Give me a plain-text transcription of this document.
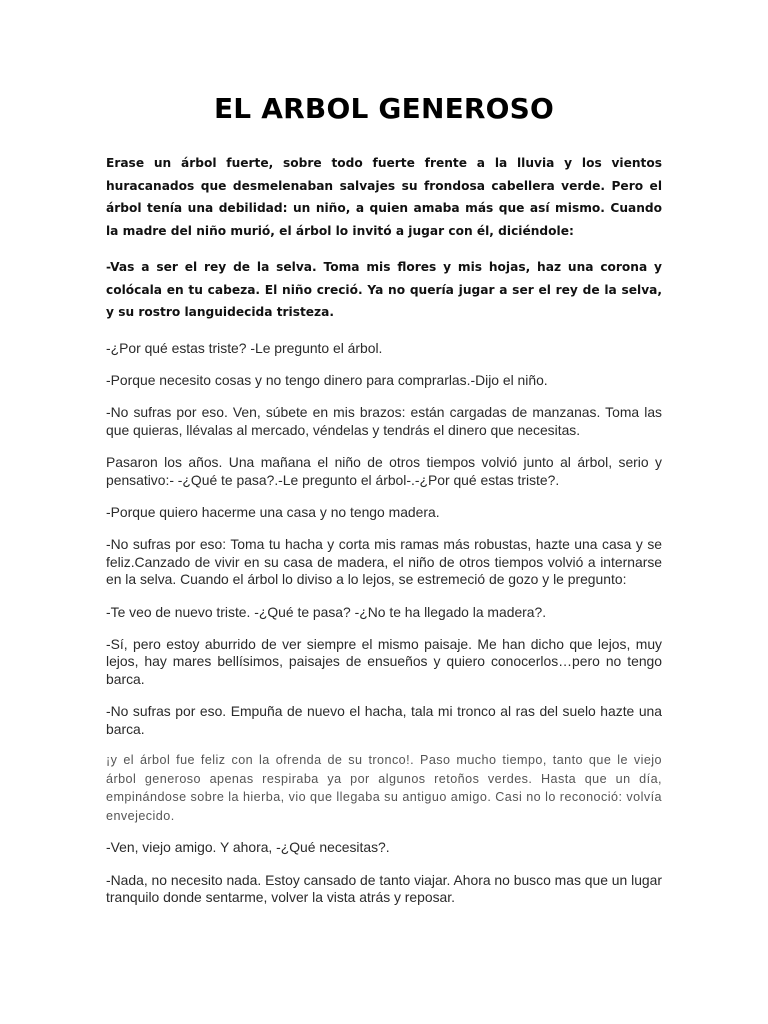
EL ARBOL GENEROSO

Erase un árbol fuerte, sobre todo fuerte frente a la lluvia y los vientos huracanados que desmelenaban salvajes su frondosa cabellera verde. Pero el árbol tenía una debilidad: un niño, a quien amaba más que así mismo. Cuando la madre del niño murió, el árbol lo invitó a jugar con él, diciéndole:

-Vas a ser el rey de la selva. Toma mis flores y mis hojas, haz una corona y colócala en tu cabeza. El niño creció. Ya no quería jugar a ser el rey de la selva, y su rostro languidecida tristeza.

-¿Por qué estas triste? -Le pregunto el árbol.

-Porque necesito cosas y no tengo dinero para comprarlas.-Dijo el niño.

-No sufras por eso. Ven, súbete en mis brazos: están cargadas de manzanas. Toma las que quieras, llévalas al mercado, véndelas y tendrás el dinero que necesitas.

Pasaron los años. Una mañana el niño de otros tiempos volvió junto al árbol, serio y pensativo:- -¿Qué te pasa?.-Le pregunto el árbol-.-¿Por qué estas triste?.

-Porque quiero hacerme una casa y no tengo madera.

-No sufras por eso: Toma tu hacha y corta mis ramas más robustas, hazte una casa y se feliz.Canzado de vivir en su casa de madera, el niño de otros tiempos volvió a internarse en la selva. Cuando el árbol lo diviso a lo lejos, se estremeció de gozo y le pregunto:

-Te veo de nuevo triste. -¿Qué te pasa? -¿No te ha llegado la madera?.

-Sí, pero estoy aburrido de ver siempre el mismo paisaje. Me han dicho que lejos, muy lejos, hay mares bellísimos, paisajes de ensueños y quiero conocerlos…pero no tengo barca.

-No sufras por eso. Empuña de nuevo el hacha, tala mi tronco al ras del suelo hazte una barca.

¡y el árbol fue feliz con la ofrenda de su tronco!. Paso mucho tiempo, tanto que le viejo árbol generoso apenas respiraba ya por algunos retoños verdes. Hasta que un día, empinándose sobre la hierba, vio que llegaba su antiguo amigo. Casi no lo reconoció: volvía envejecido.

-Ven, viejo amigo. Y ahora, -¿Qué necesitas?.

-Nada, no necesito nada. Estoy cansado de tanto viajar. Ahora no busco mas que un lugar tranquilo donde sentarme, volver la vista atrás y reposar.
